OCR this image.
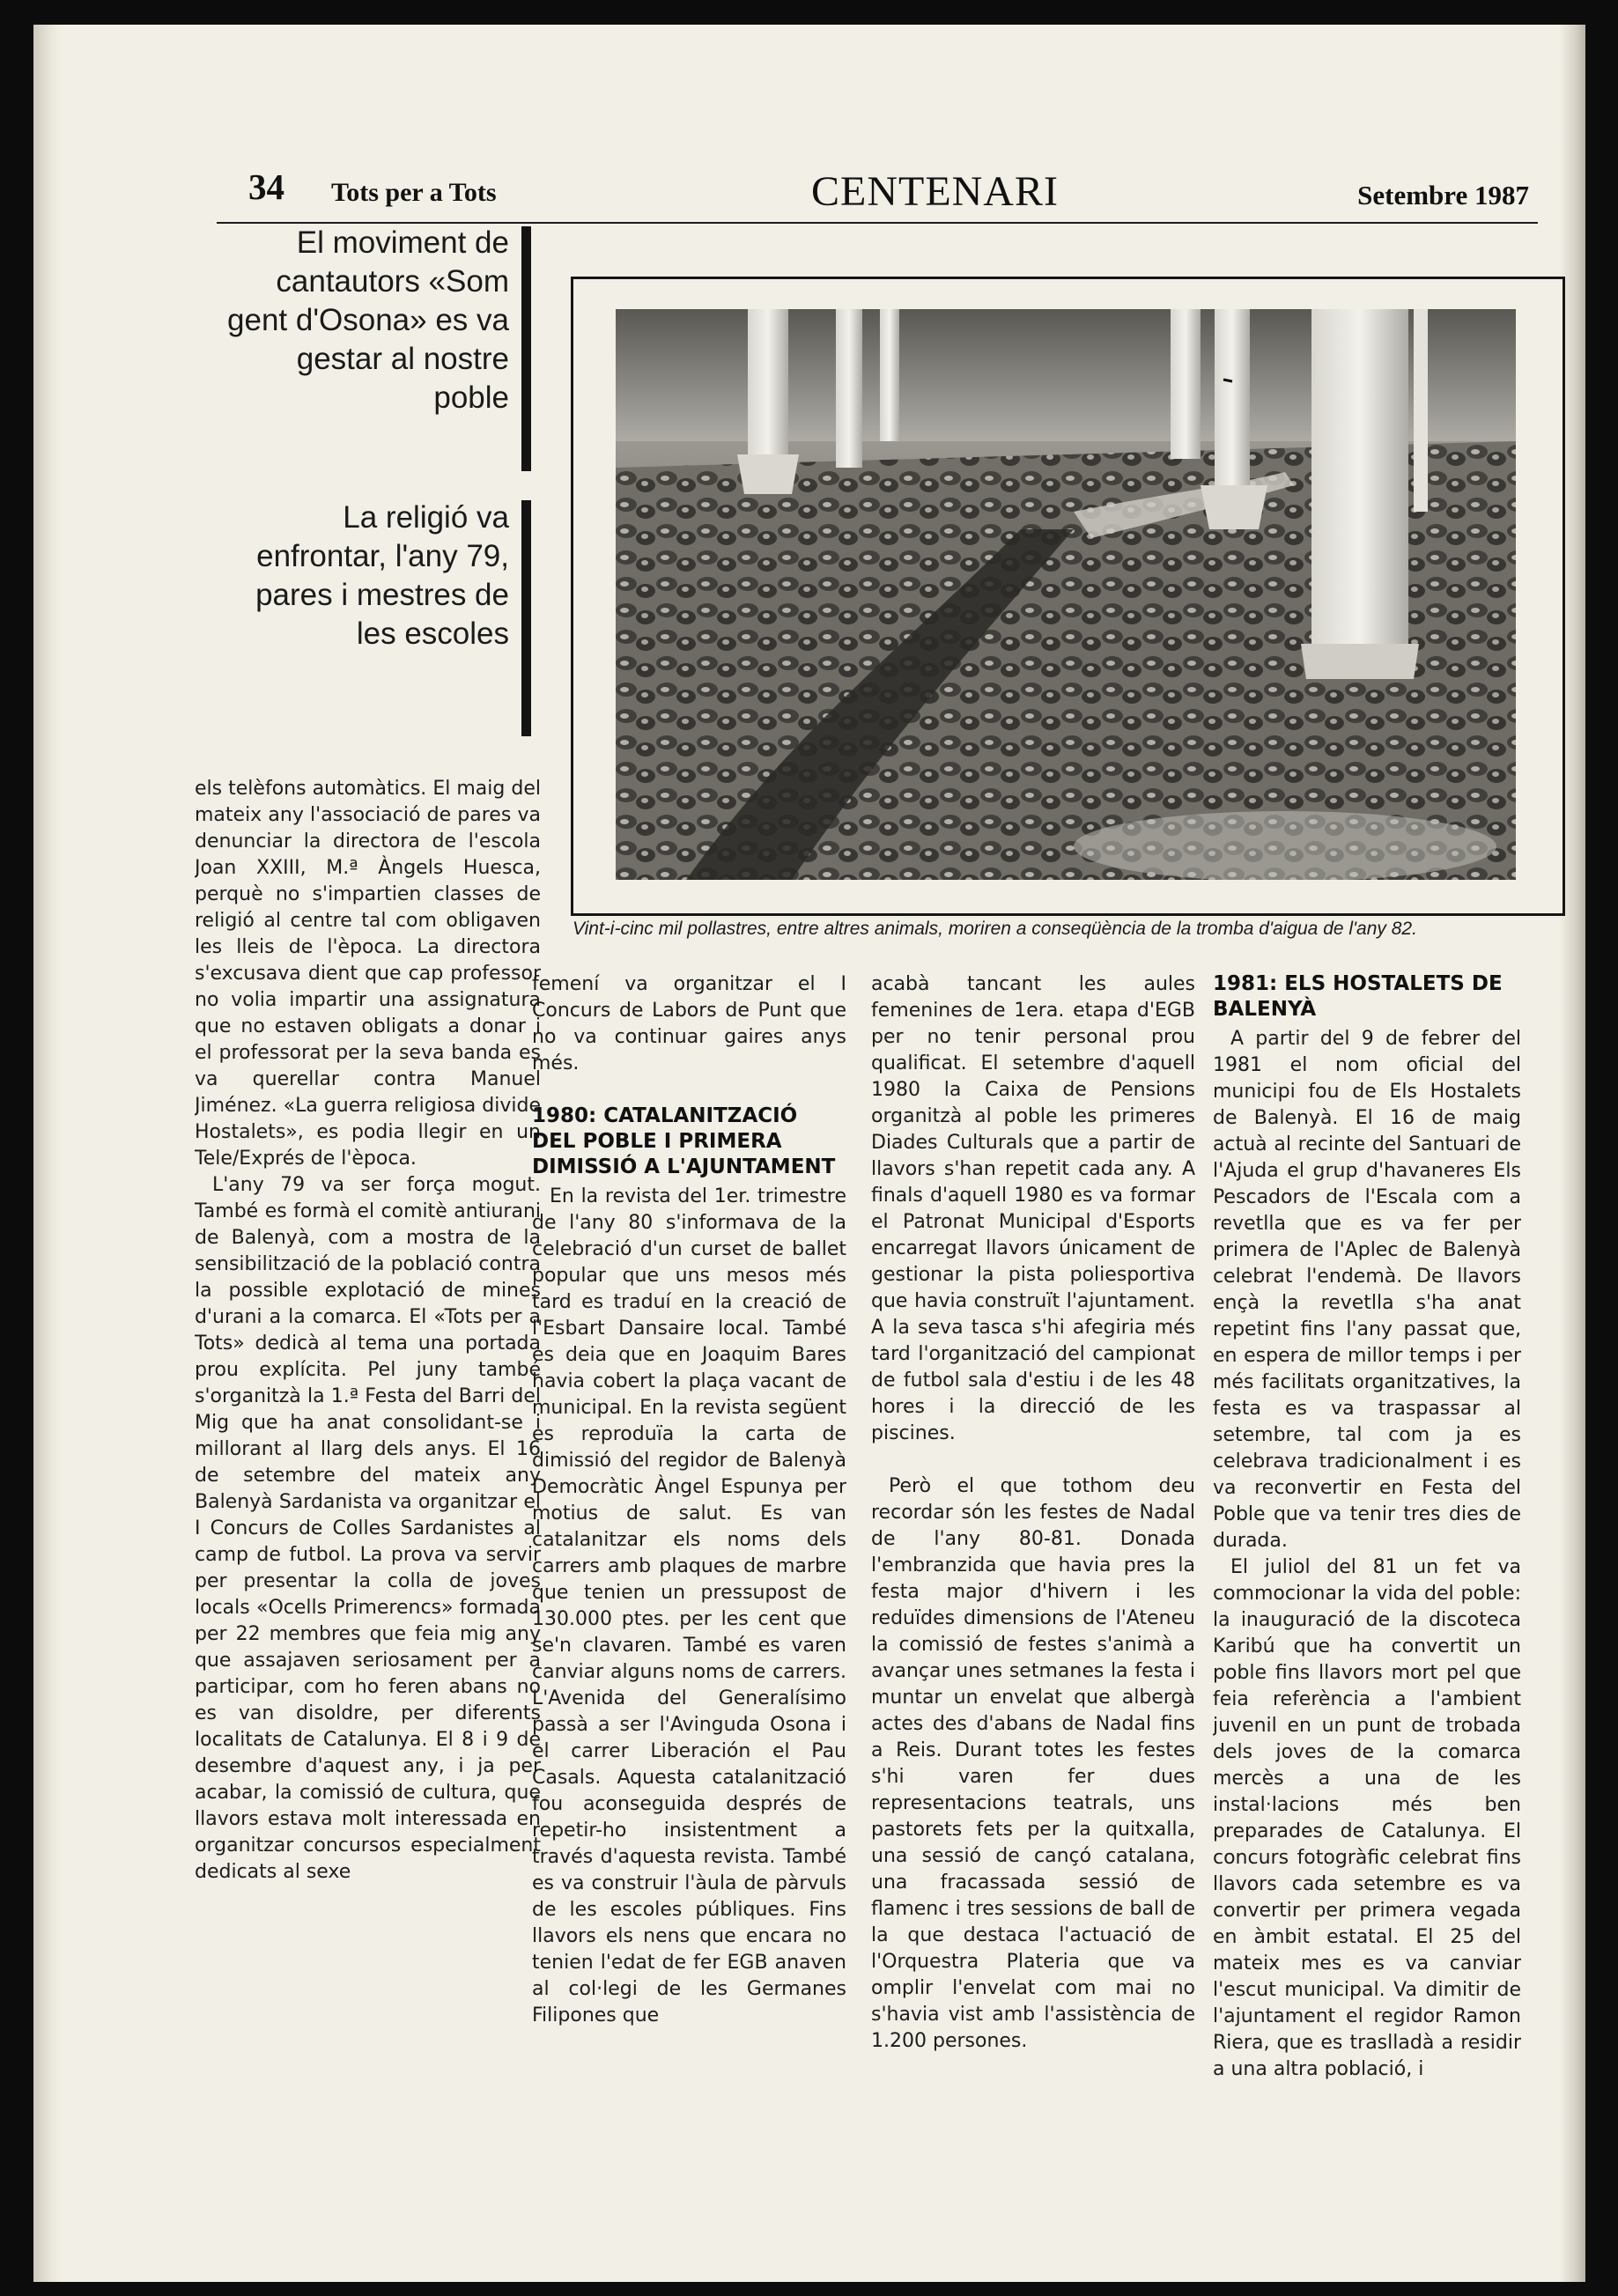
34 Tots per a Tots	CENTENARI	Setembre 1987
El moviment de cantautors «Som gent d'Osona» es va gestar al nostre poble
La religió va enfrontar, l'any 79, pares i mestres de les escoles
Vint-i-cinc mil pollastres, entre altres animals, moriren a conseqüència de la tromba d'aigua de l'any 82.

els telèfons automàtics. El maig del mateix any l'associació de pares va denunciar la directora de l'escola Joan XXIII, M.ª Àngels Huesca, perquè no s'impartien classes de religió al centre tal com obligaven les lleis de l'època. La directora s'excusava dient que cap professor no volia impartir una assignatura que no estaven obligats a donar i el professorat per la seva banda es va querellar contra Manuel Jiménez. «La guerra religiosa divide Hostalets», es podia llegir en un Tele/Exprés de l'època.

L'any 79 va ser força mogut. També es formà el comitè antiurani de Balenyà, com a mostra de la sensibilització de la població contra la possible explotació de mines d'urani a la comarca. El «Tots per a Tots» dedicà al tema una portada prou explícita. Pel juny també s'organitzà la 1.ª Festa del Barri del Mig que ha anat consolidant-se i millorant al llarg dels anys. El 16 de setembre del mateix any Balenyà Sardanista va organitzar el I Concurs de Colles Sardanistes al camp de futbol. La prova va servir per presentar la colla de joves locals «Ocells Primerencs» formada per 22 membres que feia mig any que assajaven seriosament per a participar, com ho feren abans no es van disoldre, per diferents localitats de Catalunya. El 8 i 9 de desembre d'aquest any, i ja per acabar, la comissió de cultura, que llavors estava molt interessada en organitzar concursos especialment dedicats al sexe

femení va organitzar el I Concurs de Labors de Punt que no va continuar gaires anys més.

1980: CATALANITZACIÓ DEL POBLE I PRIMERA DIMISSIÓ A L'AJUNTAMENT

En la revista del 1er. trimestre de l'any 80 s'informava de la celebració d'un curset de ballet popular que uns mesos més tard es traduí en la creació de l'Esbart Dansaire local. També es deia que en Joaquim Bares havia cobert la plaça vacant de municipal. En la revista següent es reproduïa la carta de dimissió del regidor de Balenyà Democràtic Àngel Espunya per motius de salut. Es van catalanitzar els noms dels carrers amb plaques de marbre que tenien un pressupost de 130.000 ptes. per les cent que se'n clavaren. També es varen canviar alguns noms de carrers. L'Avenida del Generalísimo passà a ser l'Avinguda Osona i el carrer Liberación el Pau Casals. Aquesta catalanització fou aconseguida després de repetir-ho insistentment a través d'aquesta revista. També es va construir l'àula de pàrvuls de les escoles públiques. Fins llavors els nens que encara no tenien l'edat de fer EGB anaven al col·legi de les Germanes Filipones que

acabà tancant les aules femenines de 1era. etapa d'EGB per no tenir personal prou qualificat. El setembre d'aquell 1980 la Caixa de Pensions organitzà al poble les primeres Diades Culturals que a partir de llavors s'han repetit cada any. A finals d'aquell 1980 es va formar el Patronat Municipal d'Esports encarregat llavors únicament de gestionar la pista poliesportiva que havia construït l'ajuntament. A la seva tasca s'hi afegiria més tard l'organització del campionat de futbol sala d'estiu i de les 48 hores i la direcció de les piscines.

Però el que tothom deu recordar són les festes de Nadal de l'any 80-81. Donada l'embranzida que havia pres la festa major d'hivern i les reduïdes dimensions de l'Ateneu la comissió de festes s'animà a avançar unes setmanes la festa i muntar un envelat que albergà actes des d'abans de Nadal fins a Reis. Durant totes les festes s'hi varen fer dues representacions teatrals, uns pastorets fets per la quitxalla, una sessió de cançó catalana, una fracassada sessió de flamenc i tres sessions de ball de la que destaca l'actuació de l'Orquestra Plateria que va omplir l'envelat com mai no s'havia vist amb l'assistència de 1.200 persones.

1981: ELS HOSTALETS DE BALENYÀ

A partir del 9 de febrer del 1981 el nom oficial del municipi fou de Els Hostalets de Balenyà. El 16 de maig actuà al recinte del Santuari de l'Ajuda el grup d'havaneres Els Pescadors de l'Escala com a revetlla que es va fer per primera de l'Aplec de Balenyà celebrat l'endemà. De llavors ençà la revetlla s'ha anat repetint fins l'any passat que, en espera de millor temps i per més facilitats organitzatives, la festa es va traspassar al setembre, tal com ja es celebrava tradicionalment i es va reconvertir en Festa del Poble que va tenir tres dies de durada.

El juliol del 81 un fet va commocionar la vida del poble: la inauguració de la discoteca Karibú que ha convertit un poble fins llavors mort pel que feia referència a l'ambient juvenil en un punt de trobada dels joves de la comarca mercès a una de les instal·lacions més ben preparades de Catalunya. El concurs fotogràfic celebrat fins llavors cada setembre es va convertir per primera vegada en àmbit estatal. El 25 del mateix mes es va canviar l'escut municipal. Va dimitir de l'ajuntament el regidor Ramon Riera, que es traslladà a residir a una altra població, i
